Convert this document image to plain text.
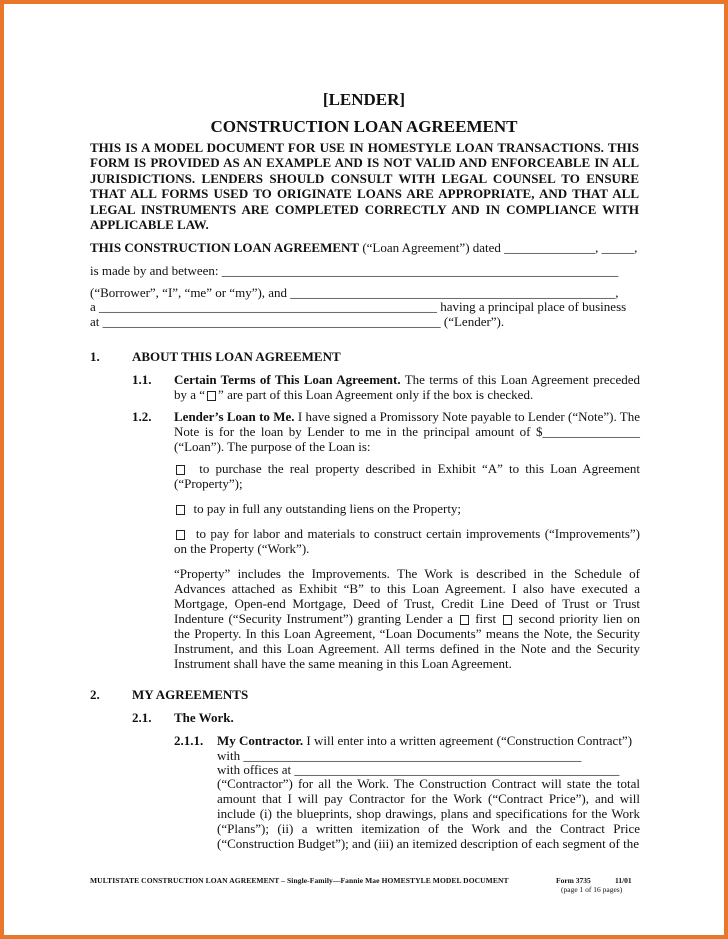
[LENDER]
CONSTRUCTION LOAN AGREEMENT
THIS IS A MODEL DOCUMENT FOR USE IN HOMESTYLE LOAN TRANSACTIONS. THIS FORM IS PROVIDED AS AN EXAMPLE AND IS NOT VALID AND ENFORCEABLE IN ALL JURISDICTIONS. LENDERS SHOULD CONSULT WITH LEGAL COUNSEL TO ENSURE THAT ALL FORMS USED TO ORIGINATE LOANS ARE APPROPRIATE, AND THAT ALL LEGAL INSTRUMENTS ARE COMPLETED CORRECTLY AND IN COMPLIANCE WITH APPLICABLE LAW.
THIS CONSTRUCTION LOAN AGREEMENT (“Loan Agreement”) dated ______________, _____,
is made by and between: _____________________________________________________________
(“Borrower”, “I”, “me” or “my”), and __________________________________________________,
a ____________________________________________________ having a principal place of business
at ____________________________________________________ (“Lender”).
1. ABOUT THIS LOAN AGREEMENT
1.1. Certain Terms of This Loan Agreement. The terms of this Loan Agreement preceded by a “ ” are part of this Loan Agreement only if the box is checked.
1.2. Lender’s Loan to Me. I have signed a Promissory Note payable to Lender (“Note”). The Note is for the loan by Lender to me in the principal amount of $_______________ (“Loan”). The purpose of the Loan is:
to purchase the real property described in Exhibit “A” to this Loan Agreement (“Property”);
to pay in full any outstanding liens on the Property;
to pay for labor and materials to construct certain improvements (“Improvements”) on the Property (“Work”).
“Property” includes the Improvements. The Work is described in the Schedule of Advances attached as Exhibit “B” to this Loan Agreement. I also have executed a Mortgage, Open-end Mortgage, Deed of Trust, Credit Line Deed of Trust or Trust Indenture (“Security Instrument”) granting Lender a first second priority lien on the Property. In this Loan Agreement, “Loan Documents” means the Note, the Security Instrument, and this Loan Agreement. All terms defined in the Note and the Security Instrument shall have the same meaning in this Loan Agreement.
2. MY AGREEMENTS
2.1. The Work.
2.1.1. My Contractor. I will enter into a written agreement (“Construction Contract”)
with ____________________________________________________
with offices at __________________________________________________
(“Contractor”) for all the Work. The Construction Contract will state the total amount that I will pay Contractor for the Work (“Contract Price”), and will include (i) the blueprints, shop drawings, plans and specifications for the Work (“Plans”); (ii) a written itemization of the Work and the Contract Price (“Construction Budget”); and (iii) an itemized description of each segment of the
MULTISTATE CONSTRUCTION LOAN AGREEMENT – Single-Family—Fannie Mae HOMESTYLE MODEL DOCUMENT	Form 3735	11/01
(page 1 of 16 pages)
